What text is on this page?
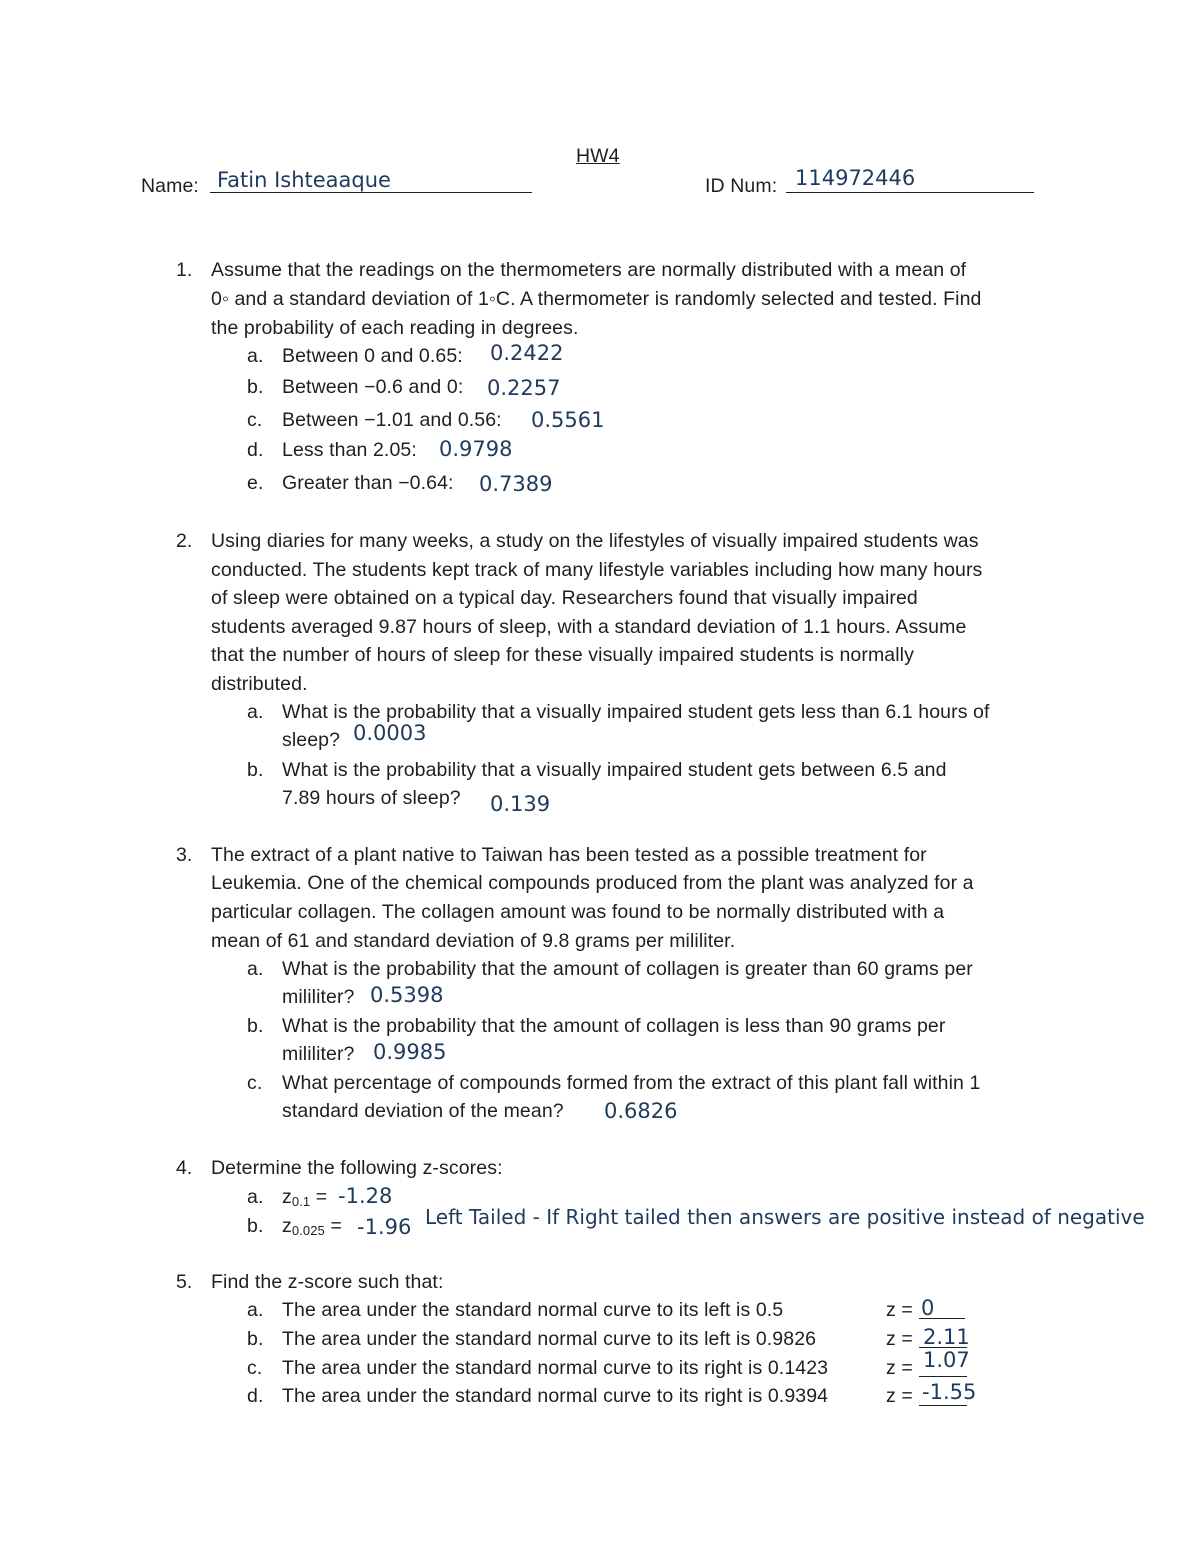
HW4
Name: Fatin Ishteaaque	ID Num: 114972446
1. Assume that the readings on the thermometers are normally distributed with a mean of
0◦ and a standard deviation of 1◦C. A thermometer is randomly selected and tested. Find
the probability of each reading in degrees.
a. Between 0 and 0.65: 0.2422
b. Between −0.6 and 0: 0.2257
c. Between −1.01 and 0.56: 0.5561
d. Less than 2.05: 0.9798
e. Greater than −0.64: 0.7389
2. Using diaries for many weeks, a study on the lifestyles of visually impaired students was
conducted. The students kept track of many lifestyle variables including how many hours
of sleep were obtained on a typical day. Researchers found that visually impaired
students averaged 9.87 hours of sleep, with a standard deviation of 1.1 hours. Assume
that the number of hours of sleep for these visually impaired students is normally
distributed.
a. What is the probability that a visually impaired student gets less than 6.1 hours of
sleep? 0.0003
b. What is the probability that a visually impaired student gets between 6.5 and
7.89 hours of sleep? 0.139
3. The extract of a plant native to Taiwan has been tested as a possible treatment for
Leukemia. One of the chemical compounds produced from the plant was analyzed for a
particular collagen. The collagen amount was found to be normally distributed with a
mean of 61 and standard deviation of 9.8 grams per mililiter.
a. What is the probability that the amount of collagen is greater than 60 grams per
mililiter? 0.5398
b. What is the probability that the amount of collagen is less than 90 grams per
mililiter? 0.9985
c. What percentage of compounds formed from the extract of this plant fall within 1
standard deviation of the mean? 0.6826
4. Determine the following z-scores:
a. $z_{0.1} = -1.28$
b. $z_{0.025} = -1.96$ Left Tailed - If Right tailed then answers are positive instead of negative
5. Find the z-score such that:
a. The area under the standard normal curve to its left is 0.5	z = 0
b. The area under the standard normal curve to its left is 0.9826	z = 2.11
c. The area under the standard normal curve to its right is 0.1423	z = 1.07
d. The area under the standard normal curve to its right is 0.9394	z = -1.55
